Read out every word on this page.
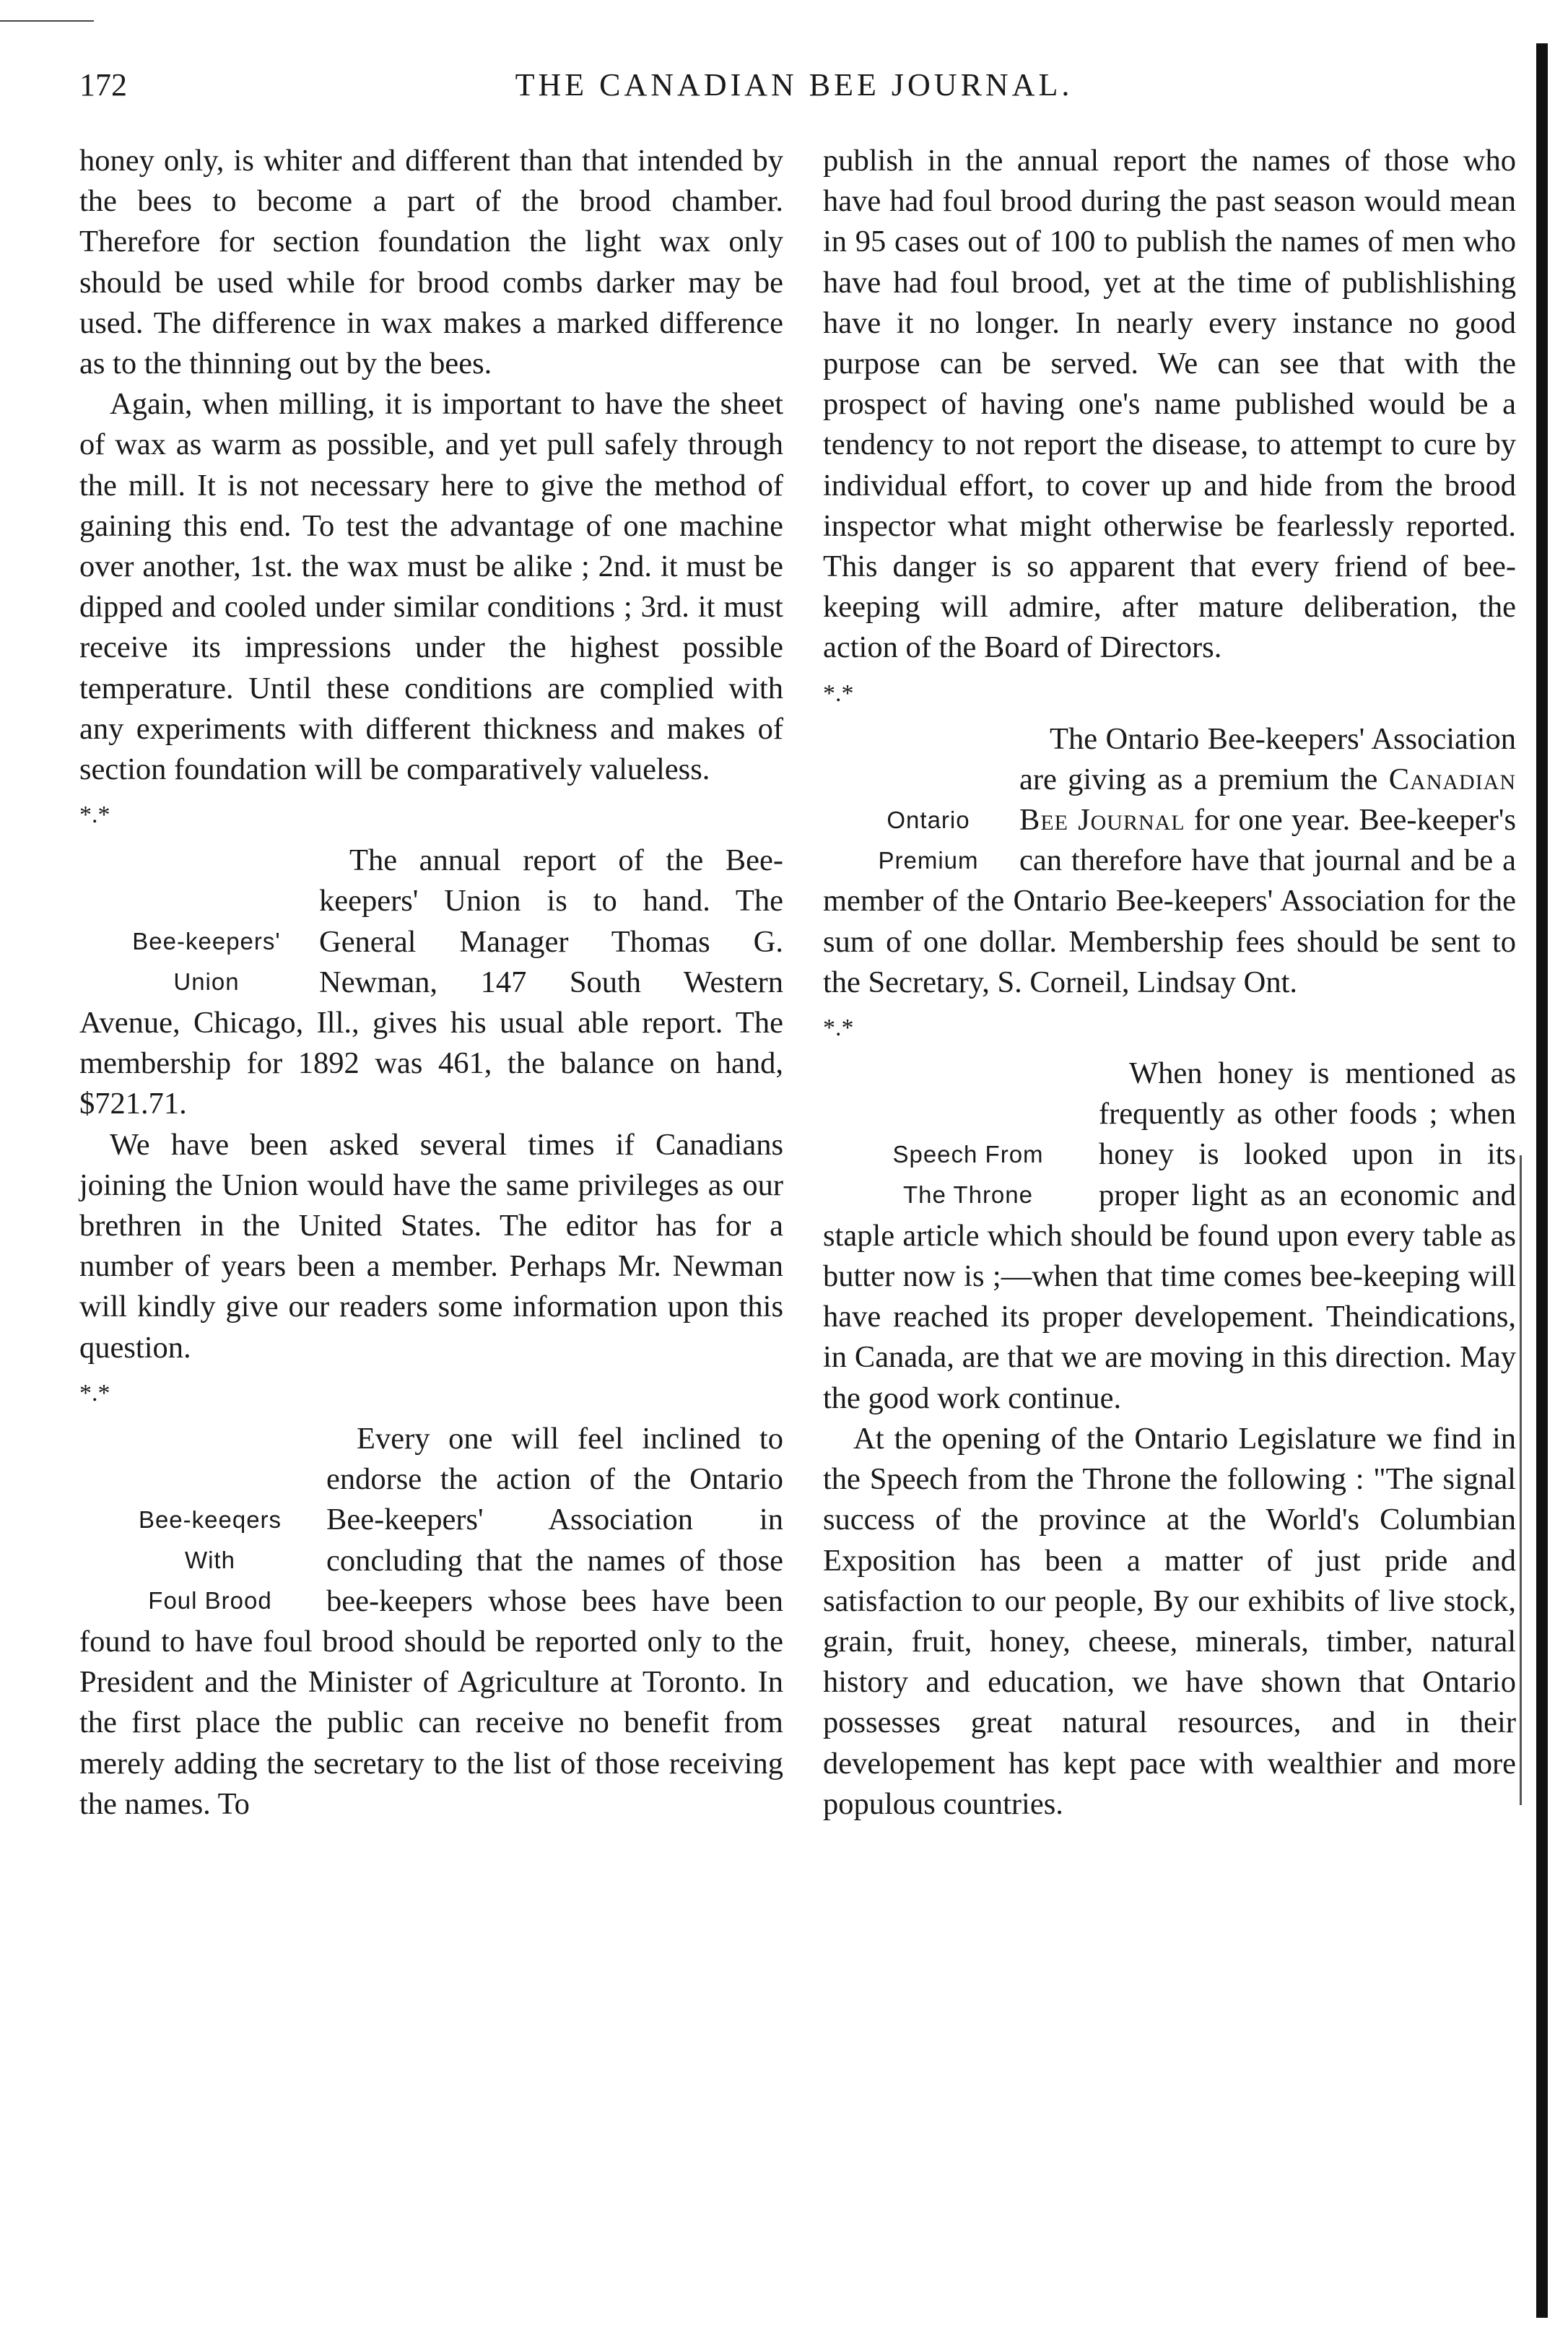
172	THE CANADIAN BEE JOURNAL.

honey only, is whiter and different than that intended by the bees to become a part of the brood chamber. Therefore for section foundation the light wax only should be used while for brood combs darker may be used. The difference in wax makes a marked difference as to the thinning out by the bees.

Again, when milling, it is important to have the sheet of wax as warm as possible, and yet pull safely through the mill. It is not necessary here to give the method of gaining this end. To test the advantage of one machine over another, 1st. the wax must be alike ; 2nd. it must be dipped and cooled under similar conditions ; 3rd. it must receive its impressions under the highest possible temperature. Until these conditions are complied with any experiments with different thickness and makes of section foundation will be comparatively valueless.

*.*

Bee-keepers'
Union
The annual report of the Bee-keepers' Union is to hand. The General Manager Thomas G. Newman, 147 South Western Avenue, Chicago, Ill., gives his usual able report. The membership for 1892 was 461, the balance on hand, $721.71.

We have been asked several times if Canadians joining the Union would have the same privileges as our brethren in the United States. The editor has for a number of years been a member. Perhaps Mr. Newman will kindly give our readers some information upon this question.

*.*

Bee-keeqers
With
Foul Brood
Every one will feel inclined to endorse the action of the Ontario Bee-keepers' Association in concluding that the names of those bee-keepers whose bees have been found to have foul brood should be reported only to the President and the Minister of Agriculture at Toronto. In the first place the public can receive no benefit from merely adding the secretary to the list of those receiving the names. To

publish in the annual report the names of those who have had foul brood during the past season would mean in 95 cases out of 100 to publish the names of men who have had foul brood, yet at the time of publishlishing have it no longer. In nearly every instance no good purpose can be served. We can see that with the prospect of having one's name published would be a tendency to not report the disease, to attempt to cure by individual effort, to cover up and hide from the brood inspector what might otherwise be fearlessly reported. This danger is so apparent that every friend of bee-keeping will admire, after mature deliberation, the action of the Board of Directors.

*.*

Ontario
Premium
The Ontario Bee-keepers' Association are giving as a premium the Canadian Bee Journal for one year. Bee-keeper's can therefore have that journal and be a member of the Ontario Bee-keepers' Association for the sum of one dollar. Membership fees should be sent to the Secretary, S. Corneil, Lindsay Ont.

*.*

Speech From
The Throne
When honey is mentioned as frequently as other foods ; when honey is looked upon in its proper light as an economic and staple article which should be found upon every table as butter now is ;—when that time comes bee-keeping will have reached its proper developement. Theindications, in Canada, are that we are moving in this direction. May the good work continue.

At the opening of the Ontario Legislature we find in the Speech from the Throne the following : "The signal success of the province at the World's Columbian Exposition has been a matter of just pride and satisfaction to our people, By our exhibits of live stock, grain, fruit, honey, cheese, minerals, timber, natural history and education, we have shown that Ontario possesses great natural resources, and in their developement has kept pace with wealthier and more populous countries.
